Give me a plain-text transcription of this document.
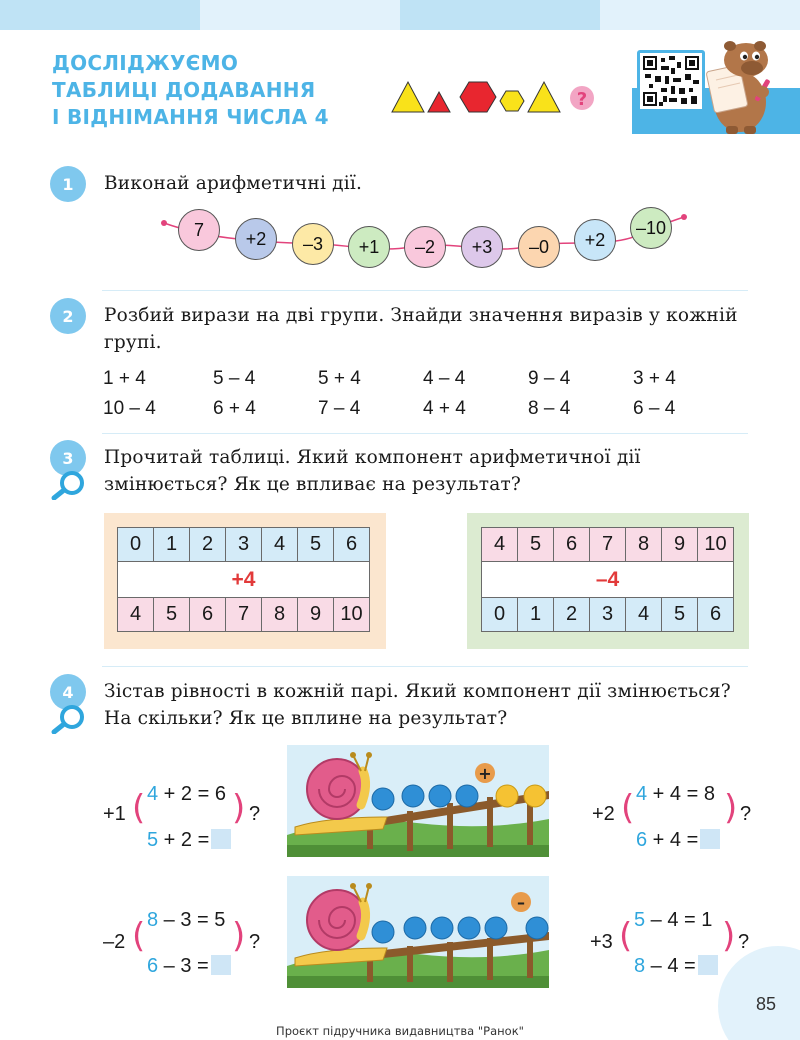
ДОСЛІДЖУЄМО
ТАБЛИЦІ ДОДАВАННЯ
І ВІДНІМАННЯ ЧИСЛА 4
?
1	Виконай арифметичні дії.
7	+2	–3	+1	–2	+3	–0	+2
–10
2	Розбий вирази на дві групи. Знайди значення виразів у кожній групі.
1 + 4	5 – 4	5 + 4	4 – 4	9 – 4	3 + 4
10 – 4	6 + 4	7 – 4	4 + 4	8 – 4	6 – 4
3	Прочитай таблиці. Який компонент арифметичної дії змінюється? Як це впливає на результат?
0	1	2	3	4	5	6
+4						
4	5	6	7	8	9	10
4	5	6	7	8	9	10
–4						
0	1	2	3	4	5	6
4	Зістав рівності в кожній парі. Який компонент дії змінюється? На скільки? Як це вплине на результат?
+1 ( 4 + 2 = 6
5 + 2 =
) ?	+2 ( 4 + 4 = 8
6 + 4 =
) ?
–2 ( 8 – 3 = 5
6 – 3 =
) ?	+3 ( 5 – 4 = 1
8 – 4 =
) ?
+
–
85
Проєкт підручника видавництва "Ранок"
